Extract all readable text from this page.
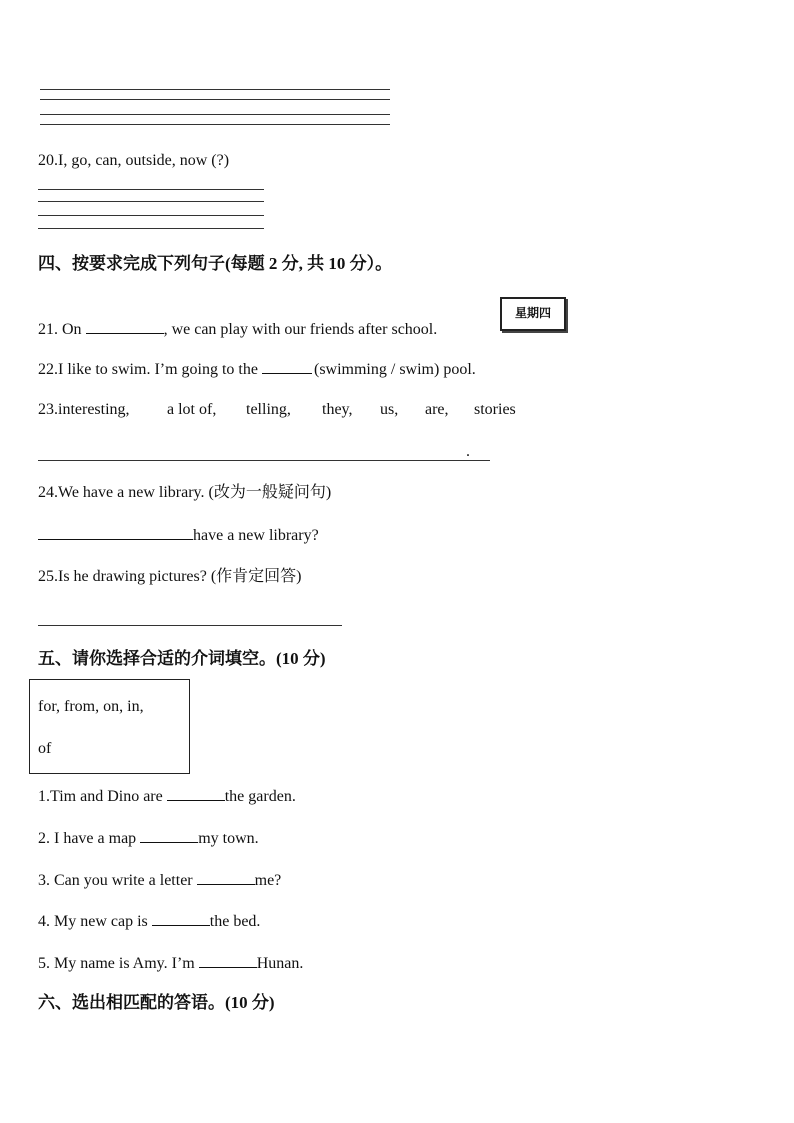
20.I, go, can, outside, now (?)
四、按要求完成下列句子(每题 2 分, 共 10 分）。
星期四
21. On	, we can play with our friends after school.
22.I like to swim. I’m going to the	(swimming / swim) pool.
23.interesting, a lot of, telling, they, us, are, stories
.
24.We have a new library. (改为一般疑问句)
have a new library?
25.Is he drawing pictures? (作肯定回答)
五、请你选择合适的介词填空。(10 分)
for, from, on, in,
of
1.Tim and Dino are	the garden.
2. I have a map	my town.
3. Can you write a letter	me?
4. My new cap is	the bed.
5. My name is Amy. I’m	Hunan.
六、选出相匹配的答语。(10 分)
